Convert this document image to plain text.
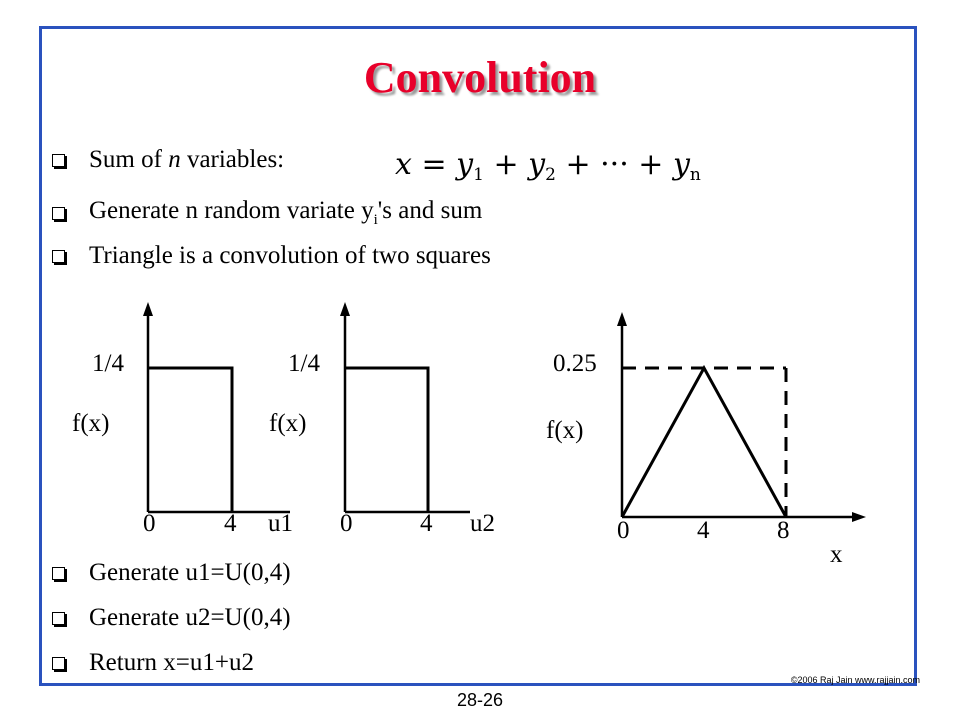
Convolution
Sum of n variables:	$x = y_1 + y_2$ + ··· + $y_n$
Generate n random variate $y_i's$ and sum
Triangle is a convolution of two squares
1/4
f(x)
0	4 u1
1/4
f(x)
0	4 u2
0.25
f(x)
0	4	8
x
Generate u1=U(0,4)
Generate u2=U(0,4)
Return x=u1+u2
©2006 Raj Jain www.rajjain.com
28-26
